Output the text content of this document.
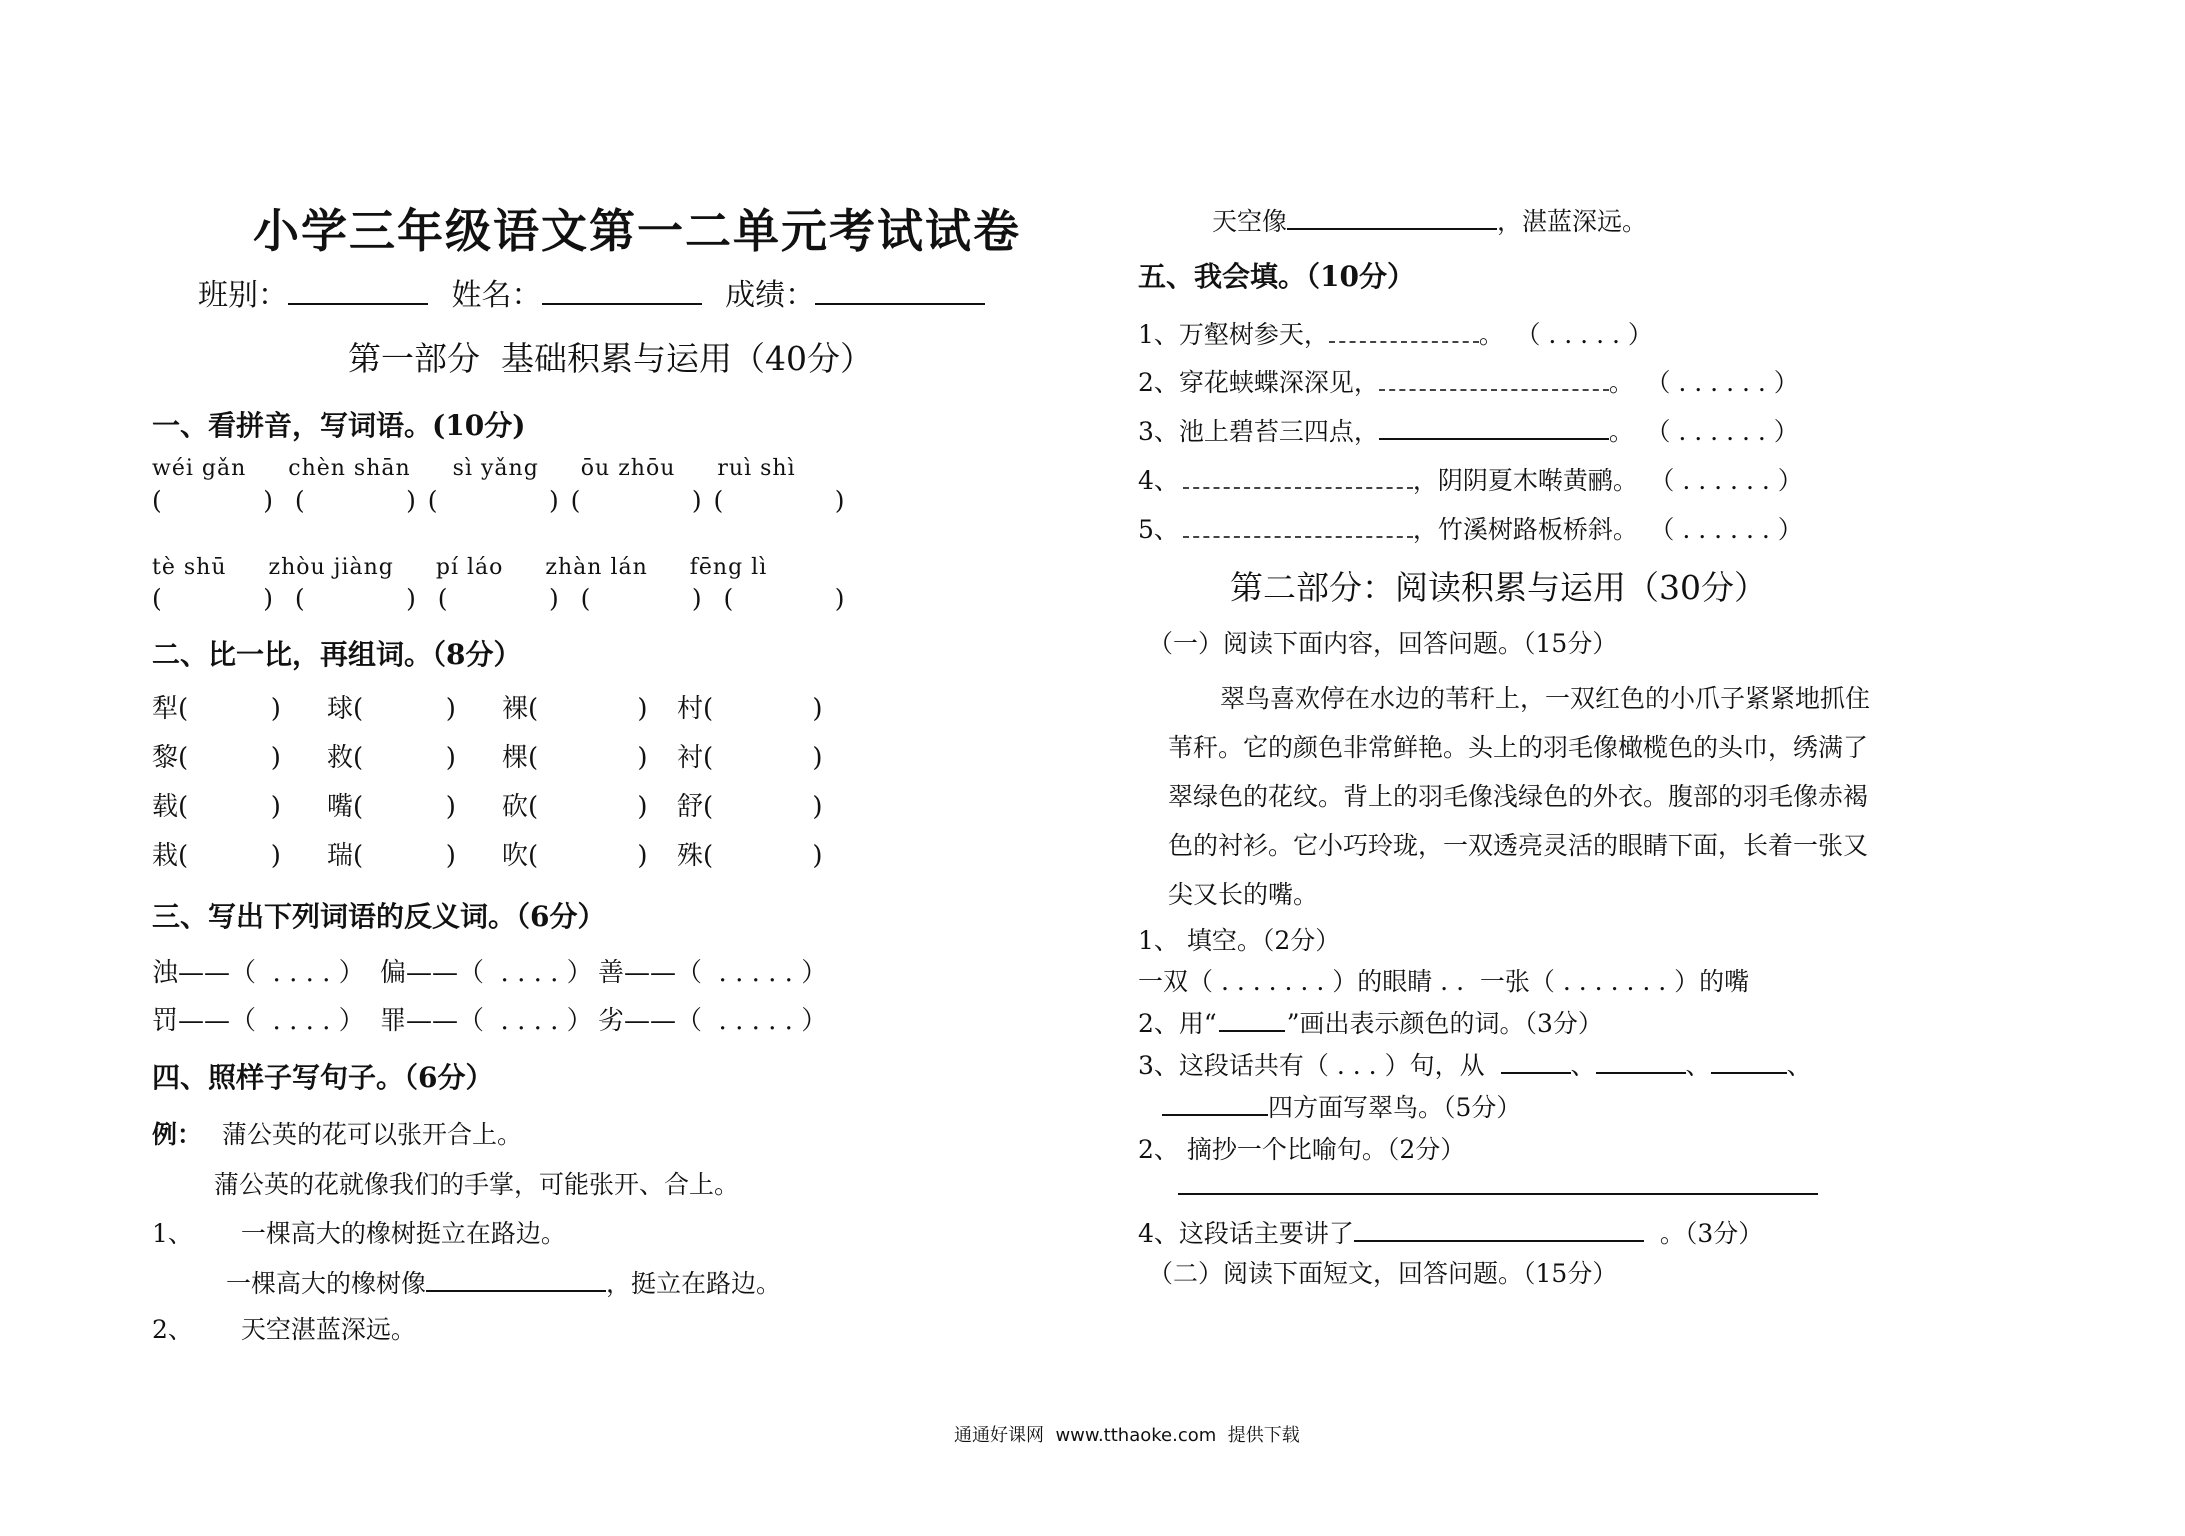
小学三年级语文第一二单元考试试卷
班别：	姓名：	成绩：
第一部分  基础积累与运用（40分）
一、看拼音，写词语。(10分)
wéi gǎn chèn shān sì yǎng ōu zhōu ruì shì
(          )  (          ) (           ) (           ) (           )
tè shū zhòu jiàng pí láo zhàn lán fēng lì
(          )  (          )  (          )  (          )  (          )
二、比一比，再组词。（8分）
犁(          )	球(          )	裸(            )	村(            )
黎(          )	救(          )	棵(            )	衬(            )
载(          )	嘴(          )	砍(            )	舒(            )
栽(          )	瑞(          )	吹(            )	殊(            )
三、写出下列词语的反义词。（6分）
浊——（  . . . . ） 偏——（  . . . . ） 善——（  . . . . . ）
罚——（  . . . . ） 罪——（  . . . . ） 劣——（  . . . . . ）
四、照样子写句子。（6分）
例： 蒲公英的花可以张开合上。
蒲公英的花就像我们的手掌，可能张开、合上。
1、 一棵高大的橡树挺立在路边。
一棵高大的橡树像	，挺立在路边。
2、 天空湛蓝深远。
天空像	，湛蓝深远。
五、我会填。（10分）
1、万壑树参天，	。 （ . . . . . ）
2、穿花蛱蝶深深见，	。 （ . . . . . . ）
3、池上碧苔三四点，	。 （ . . . . . . ）
4、	，阴阴夏木啭黄鹂。 （ . . . . . . ）
5、	，竹溪树路板桥斜。 （ . . . . . . ）
第二部分：阅读积累与运用（30分）
（一）阅读下面内容，回答问题。（15分）
翠鸟喜欢停在水边的苇秆上，一双红色的小爪子紧紧地抓住
苇秆。它的颜色非常鲜艳。头上的羽毛像橄榄色的头巾，绣满了
翠绿色的花纹。背上的羽毛像浅绿色的外衣。腹部的羽毛像赤褐
色的衬衫。它小巧玲珑，一双透亮灵活的眼睛下面，长着一张又
尖又长的嘴。
1、 填空。（2分）
一双（ . . . . . . . ）的眼睛 . .  一张（ . . . . . . . ）的嘴
2、用“	”画出表示颜色的词。（3分）
3、这段话共有（ . . . ）句，从	、	、	、
四方面写翠鸟。（5分）
2、 摘抄一个比喻句。（2分）
4、这段话主要讲了	。（3分）
（二）阅读下面短文，回答问题。（15分）
通通好课网  www.tthaoke.com  提供下载
